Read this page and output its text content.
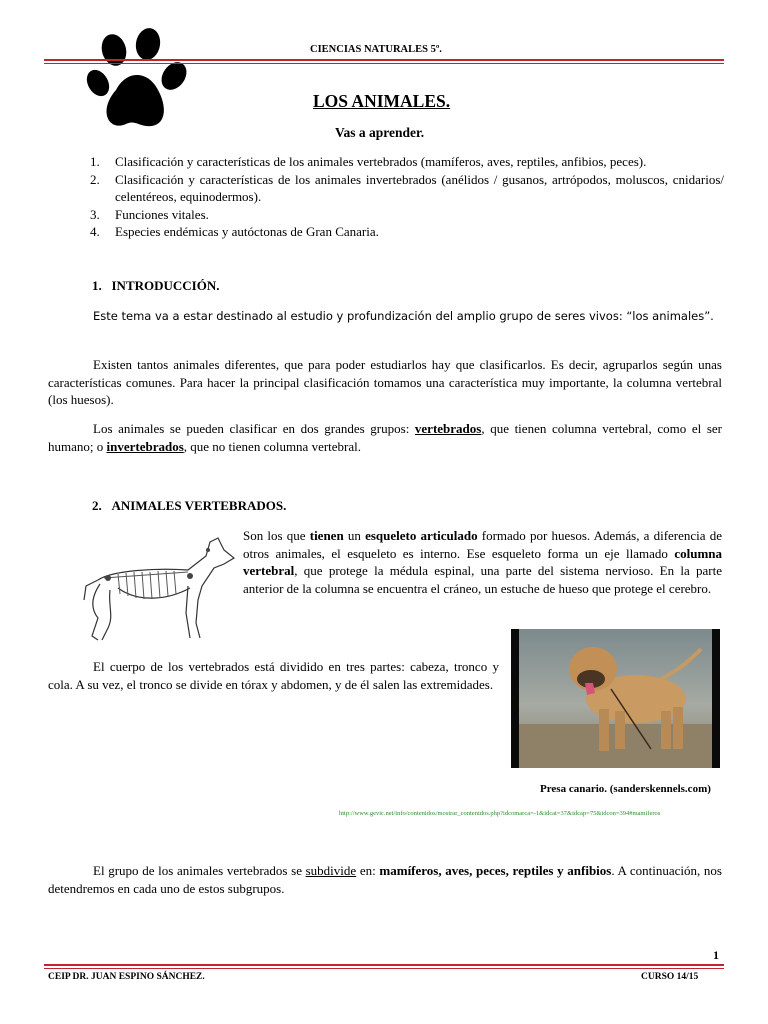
CIENCIAS NATURALES 5º.
LOS ANIMALES.
Vas a aprender.
1. Clasificación y características de los animales vertebrados (mamíferos, aves, reptiles, anfibios, peces).
2. Clasificación y características de los animales invertebrados (anélidos / gusanos, artrópodos, moluscos, cnidarios/ celentéreos, equinodermos).
3. Funciones vitales.
4. Especies endémicas y autóctonas de Gran Canaria.
1.   INTRODUCCIÓN.

Este tema va a estar destinado al estudio y profundización del amplio grupo de seres vivos: “los animales”.

Existen tantos animales diferentes, que para poder estudiarlos hay que clasificarlos. Es decir, agruparlos según unas características comunes. Para hacer la principal clasificación tomamos una característica muy importante, la columna vertebral (los huesos).

Los animales se pueden clasificar en dos grandes grupos: vertebrados, que tienen columna vertebral, como el ser humano; o invertebrados, que no tienen columna vertebral.

2.   ANIMALES VERTEBRADOS.

Son los que tienen un esqueleto articulado formado por huesos. Además, a diferencia de otros animales, el esqueleto es interno. Ese esqueleto forma un eje llamado columna vertebral, que protege la médula espinal, una parte del sistema nervioso. En la parte anterior de la columna se encuentra el cráneo, un estuche de hueso que protege el cerebro.

El cuerpo de los vertebrados está dividido en tres partes: cabeza, tronco y cola. A su vez, el tronco se divide en tórax y abdomen, y de él salen las extremidades.

Presa canario. (sanderskennels.com)
http://www.gevic.net/info/contenidos/mostrar_contenidos.php?idcomarca=-1&idcat=37&idcap=75&idcon=394#mamiferos

El grupo de los animales vertebrados se subdivide en: mamíferos, aves, peces, reptiles y anfibios. A continuación, nos detendremos en cada uno de estos subgrupos.

1
CEIP DR. JUAN ESPINO SÁNCHEZ.	CURSO 14/15
